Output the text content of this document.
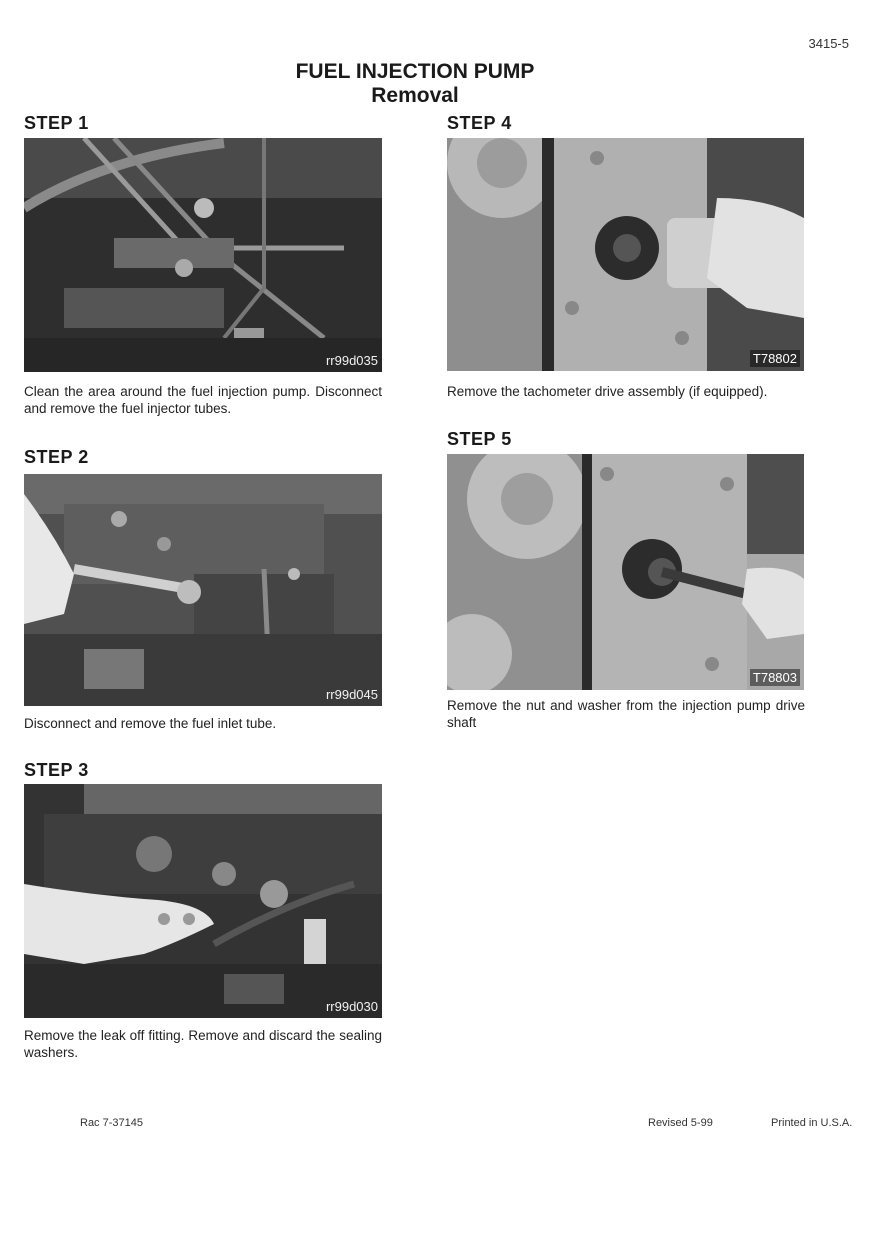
3415-5
FUEL INJECTION PUMP
Removal
STEP 1
rr99d035
Clean the area around the fuel injection pump. Disconnect and remove the fuel injector tubes.
STEP 2
rr99d045
Disconnect and remove the fuel inlet tube.
STEP 3
rr99d030
Remove the leak off fitting. Remove and discard the sealing washers.
STEP 4
T78802
Remove the tachometer drive assembly (if equipped).
STEP 5
T78803
Remove the nut and washer from the injection pump drive shaft
Rac 7-37145	Revised 5-99	Printed in U.S.A.
